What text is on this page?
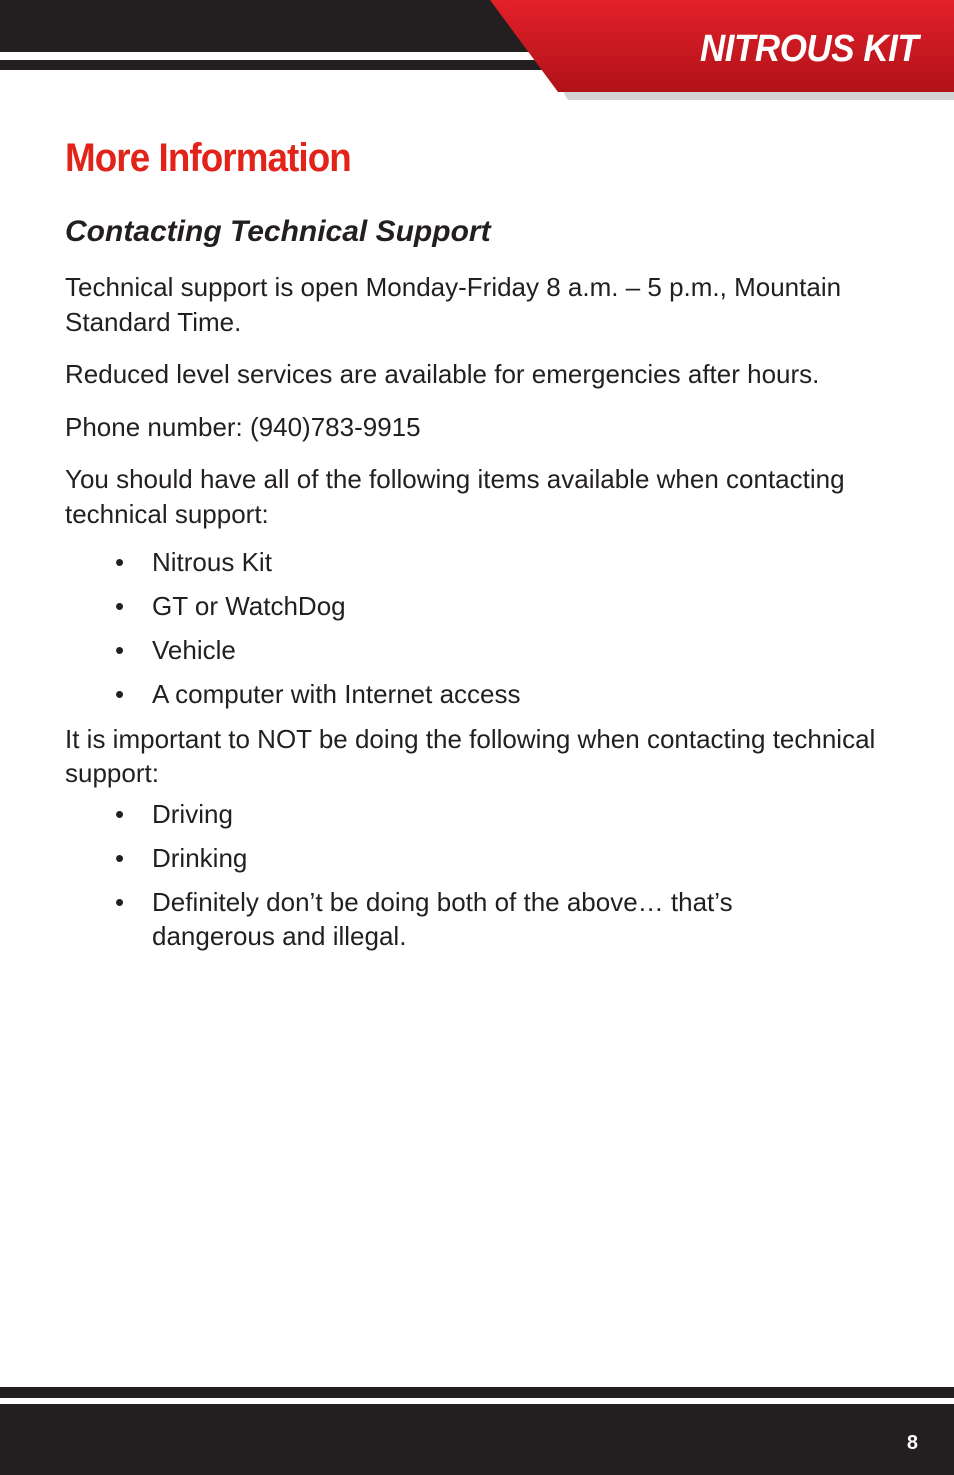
NITROUS KIT
More Information
Contacting Technical Support

Technical support is open Monday-Friday 8 a.m. – 5 p.m., Mountain Standard Time.

Reduced level services are available for emergencies after hours.

Phone number: (940)783-9915

You should have all of the following items available when contacting technical support:

• Nitrous Kit
• GT or WatchDog
• Vehicle
• A computer with Internet access

It is important to NOT be doing the following when contacting technical support:

• Driving
• Drinking
• Definitely don’t be doing both of the above… that’s dangerous and illegal.
8
